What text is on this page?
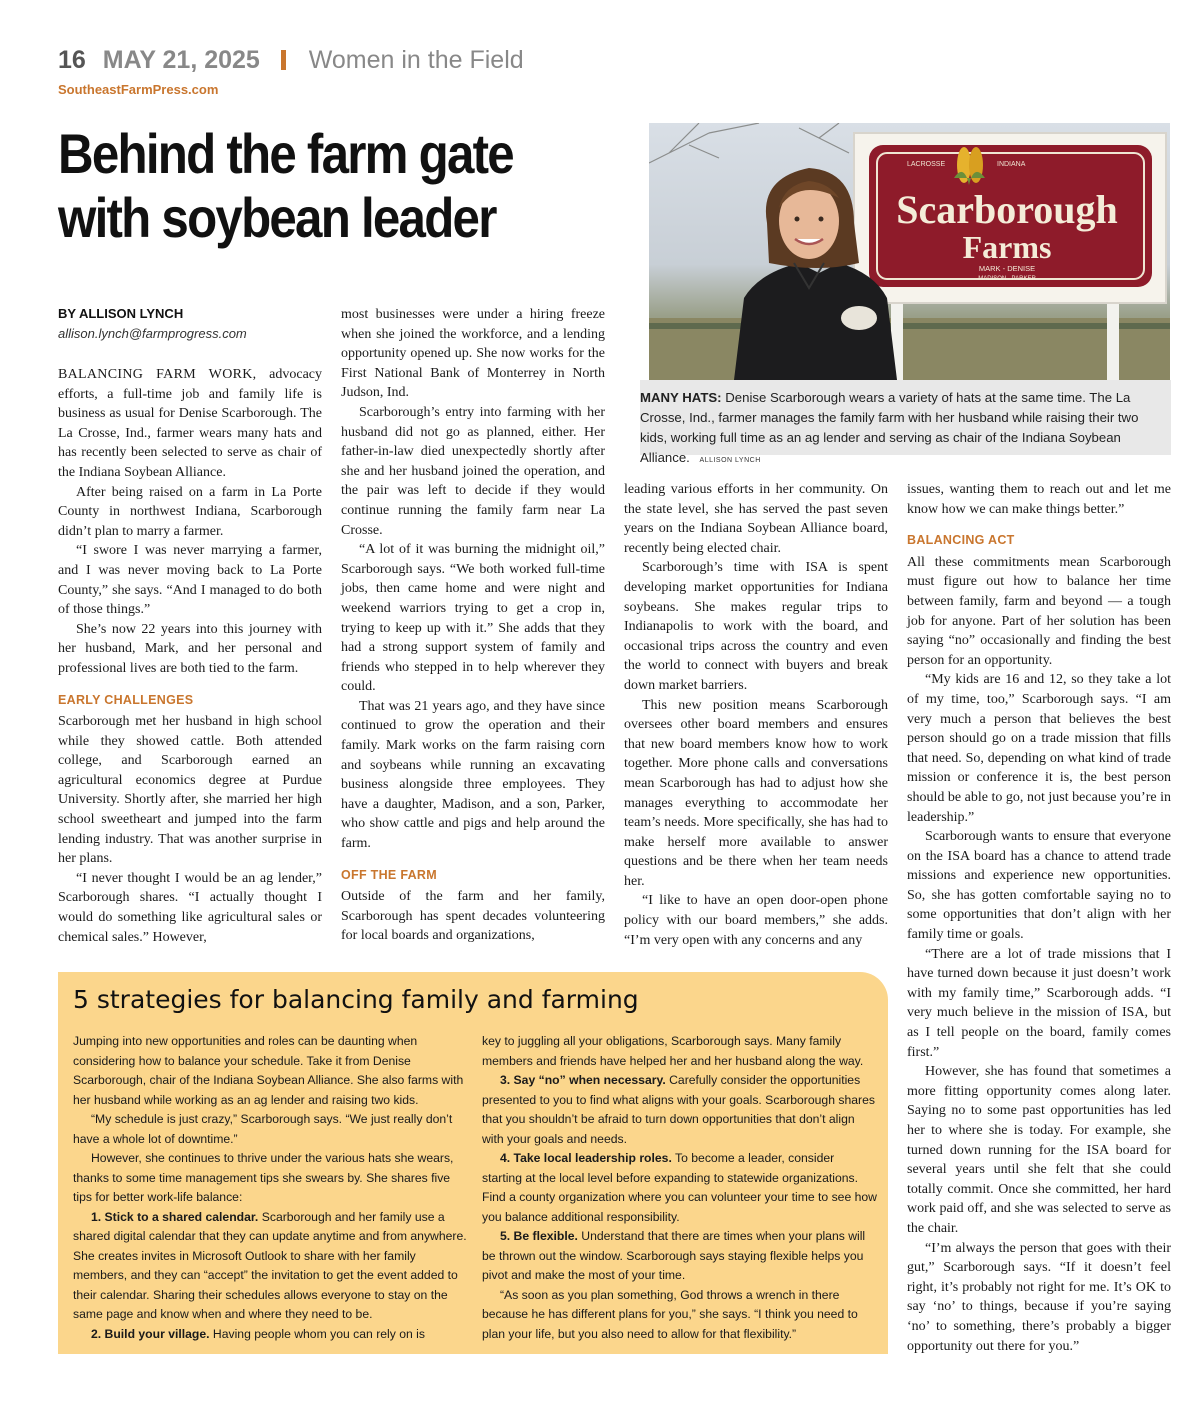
16 MAY 21, 2025 Women in the Field
SoutheastFarmPress.com
Behind the farm gate with soybean leader
BY ALLISON LYNCH
allison.lynch@farmprogress.com
LACROSSE	INDIANA
Scarborough
Farms
MARK - DENISE
MADISON - PARKER
MANY HATS: Denise Scarborough wears a variety of hats at the same time. The La Crosse, Ind., farmer manages the family farm with her husband while raising their two kids, working full time as an ag lender and serving as chair of the Indiana Soybean Alliance. ALLISON LYNCH

BALANCING FARM WORK, advocacy efforts, a full-time job and family life is business as usual for Denise Scarborough. The La Crosse, Ind., farmer wears many hats and has recently been selected to serve as chair of the Indiana Soybean Alliance.

After being raised on a farm in La Porte County in northwest Indiana, Scarborough didn’t plan to marry a farmer.

“I swore I was never marrying a farmer, and I was never moving back to La Porte County,” she says. “And I managed to do both of those things.”

She’s now 22 years into this journey with her husband, Mark, and her personal and professional lives are both tied to the farm.

EARLY CHALLENGES

Scarborough met her husband in high school while they showed cattle. Both attended college, and Scarborough earned an agricultural economics degree at Purdue University. Shortly after, she married her high school sweetheart and jumped into the farm lending industry. That was another surprise in her plans.

“I never thought I would be an ag lender,” Scarborough shares. “I actually thought I would do something like agricultural sales or chemical sales.” However,

most businesses were under a hiring freeze when she joined the workforce, and a lending opportunity opened up. She now works for the First National Bank of Monterrey in North Judson, Ind.

Scarborough’s entry into farming with her husband did not go as planned, either. Her father-in-law died unexpectedly shortly after she and her husband joined the operation, and the pair was left to decide if they would continue running the family farm near La Crosse.

“A lot of it was burning the midnight oil,” Scarborough says. “We both worked full-time jobs, then came home and were night and weekend warriors trying to get a crop in, trying to keep up with it.” She adds that they had a strong support system of family and friends who stepped in to help wherever they could.

That was 21 years ago, and they have since continued to grow the operation and their family. Mark works on the farm raising corn and soybeans while running an excavating business alongside three employees. They have a daughter, Madison, and a son, Parker, who show cattle and pigs and help around the farm.

OFF THE FARM

Outside of the farm and her family, Scarborough has spent decades volunteering for local boards and organizations,

leading various efforts in her community. On the state level, she has served the past seven years on the Indiana Soybean Alliance board, recently being elected chair.

Scarborough’s time with ISA is spent developing market opportunities for Indiana soybeans. She makes regular trips to Indianapolis to work with the board, and occasional trips across the country and even the world to connect with buyers and break down market barriers.

This new position means Scarborough oversees other board members and ensures that new board members know how to work together. More phone calls and conversations mean Scarborough has had to adjust how she manages everything to accommodate her team’s needs. More specifically, she has had to make herself more available to answer questions and be there when her team needs her.

“I like to have an open door-open phone policy with our board members,” she adds. “I’m very open with any concerns and any

issues, wanting them to reach out and let me know how we can make things better.”

BALANCING ACT

All these commitments mean Scarborough must figure out how to balance her time between family, farm and beyond — a tough job for anyone. Part of her solution has been saying “no” occasionally and finding the best person for an opportunity.

“My kids are 16 and 12, so they take a lot of my time, too,” Scarborough says. “I am very much a person that believes the best person should go on a trade mission that fills that need. So, depending on what kind of trade mission or conference it is, the best person should be able to go, not just because you’re in leadership.”

Scarborough wants to ensure that everyone on the ISA board has a chance to attend trade missions and experience new opportunities. So, she has gotten comfortable saying no to some opportunities that don’t align with her family time or goals.

“There are a lot of trade missions that I have turned down because it just doesn’t work with my family time,” Scarborough adds. “I very much believe in the mission of ISA, but as I tell people on the board, family comes first.”

However, she has found that sometimes a more fitting opportunity comes along later. Saying no to some past opportunities has led her to where she is today. For example, she turned down running for the ISA board for several years until she felt that she could totally commit. Once she committed, her hard work paid off, and she was selected to serve as the chair.

“I’m always the person that goes with their gut,” Scarborough says. “If it doesn’t feel right, it’s probably not right for me. It’s OK to say ‘no’ to things, because if you’re saying ‘no’ to something, there’s probably a bigger opportunity out there for you.”

5 strategies for balancing family and farming

Jumping into new opportunities and roles can be daunting when considering how to balance your schedule. Take it from Denise Scarborough, chair of the Indiana Soybean Alliance. She also farms with her husband while working as an ag lender and raising two kids.

“My schedule is just crazy,” Scarborough says. “We just really don’t have a whole lot of downtime.”

However, she continues to thrive under the various hats she wears, thanks to some time management tips she swears by. She shares five tips for better work-life balance:

1. Stick to a shared calendar. Scarborough and her family use a shared digital calendar that they can update anytime and from anywhere. She creates invites in Microsoft Outlook to share with her family members, and they can “accept” the invitation to get the event added to their calendar. Sharing their schedules allows everyone to stay on the same page and know when and where they need to be.

2. Build your village. Having people whom you can rely on is

key to juggling all your obligations, Scarborough says. Many family members and friends have helped her and her husband along the way.

3. Say “no” when necessary. Carefully consider the opportunities presented to you to find what aligns with your goals. Scarborough shares that you shouldn’t be afraid to turn down opportunities that don’t align with your goals and needs.

4. Take local leadership roles. To become a leader, consider starting at the local level before expanding to statewide organizations. Find a county organization where you can volunteer your time to see how you balance additional responsibility.

5. Be flexible. Understand that there are times when your plans will be thrown out the window. Scarborough says staying flexible helps you pivot and make the most of your time.

“As soon as you plan something, God throws a wrench in there because he has different plans for you,” she says. “I think you need to plan your life, but you also need to allow for that flexibility.”
